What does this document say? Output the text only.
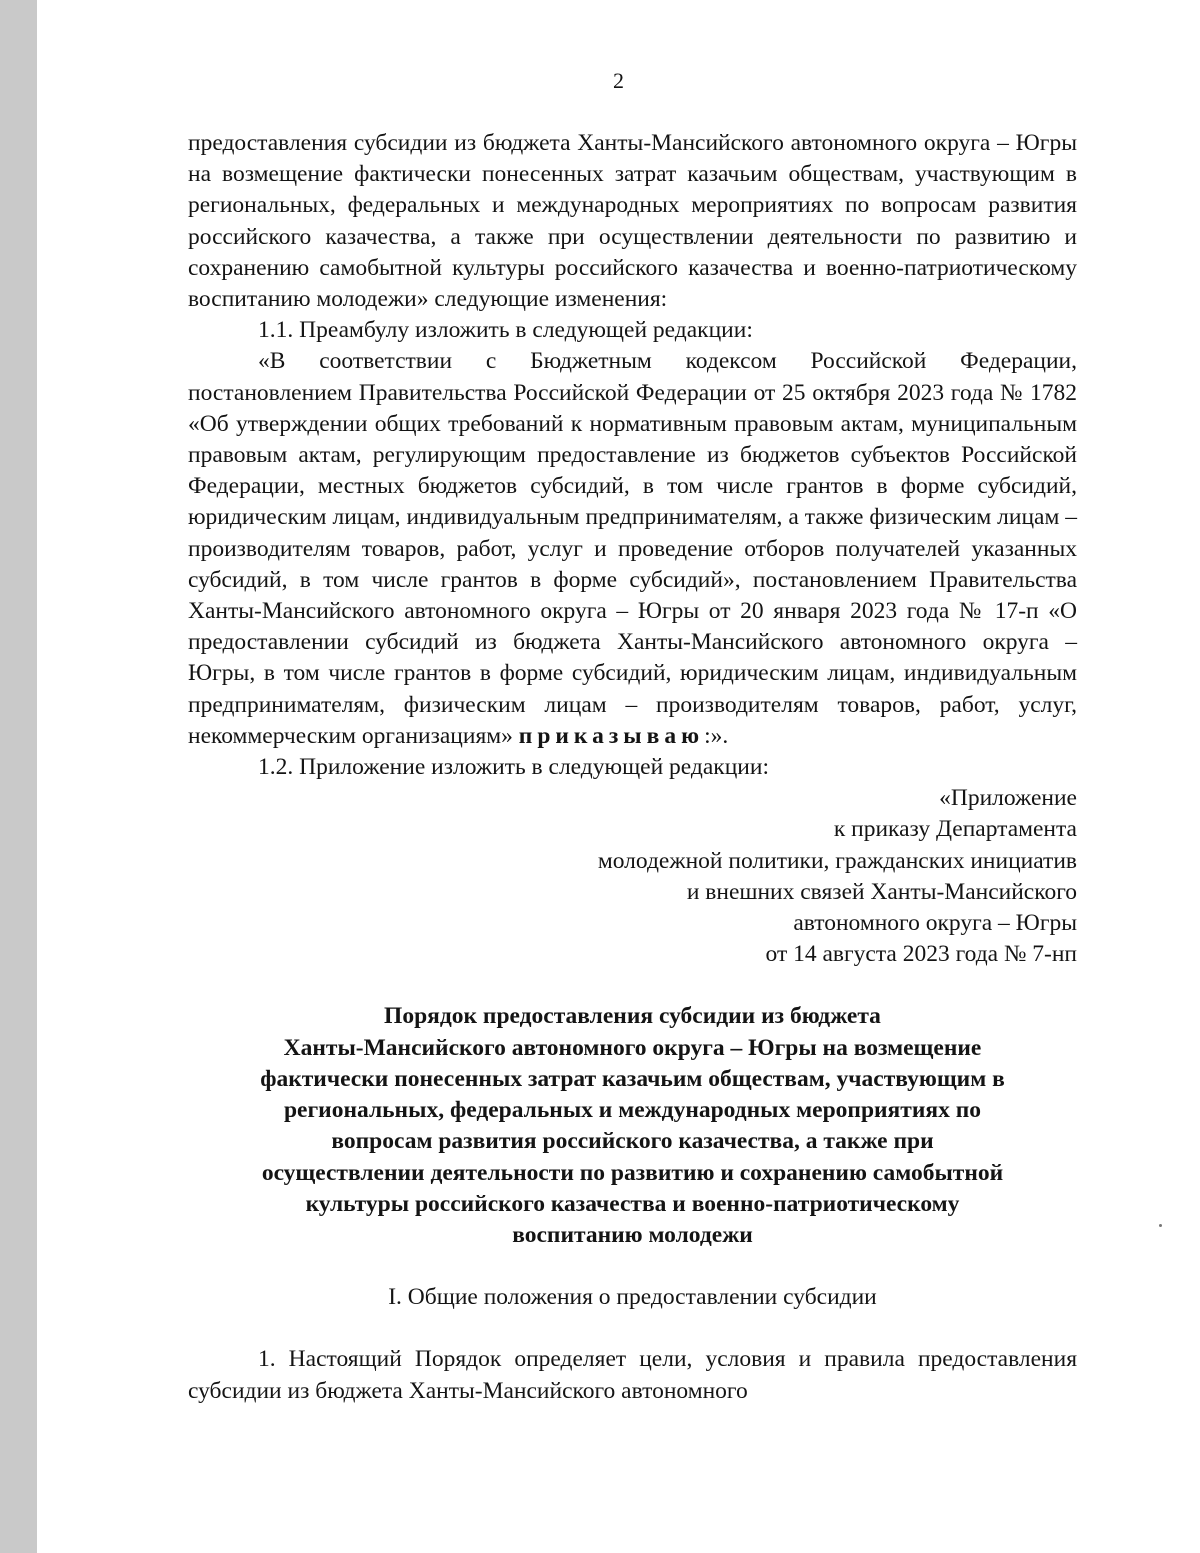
2

предоставления субсидии из бюджета Ханты-Мансийского автономного округа – Югры на возмещение фактически понесенных затрат казачьим обществам, участвующим в региональных, федеральных и международных мероприятиях по вопросам развития российского казачества, а также при осуществлении деятельности по развитию и сохранению самобытной культуры российского казачества и военно-патриотическому воспитанию молодежи» следующие изменения:

1.1. Преамбулу изложить в следующей редакции:

«В соответствии с Бюджетным кодексом Российской Федерации, постановлением Правительства Российской Федерации от 25 октября 2023 года № 1782 «Об утверждении общих требований к нормативным правовым актам, муниципальным правовым актам, регулирующим предоставление из бюджетов субъектов Российской Федерации, местных бюджетов субсидий, в том числе грантов в форме субсидий, юридическим лицам, индивидуальным предпринимателям, а также физическим лицам – производителям товаров, работ, услуг и проведение отборов получателей указанных субсидий, в том числе грантов в форме субсидий», постановлением Правительства Ханты-Мансийского автономного округа – Югры от 20 января 2023 года № 17-п «О предоставлении субсидий из бюджета Ханты-Мансийского автономного округа – Югры, в том числе грантов в форме субсидий, юридическим лицам, индивидуальным предпринимателям, физическим лицам – производителям товаров, работ, услуг, некоммерческим организациям» приказываю:».

1.2. Приложение изложить в следующей редакции:

«Приложение
к приказу Департамента
молодежной политики, гражданских инициатив
и внешних связей Ханты-Мансийского
автономного округа – Югры
от 14 августа 2023 года № 7-нп
Порядок предоставления субсидии из бюджета
Ханты-Мансийского автономного округа – Югры на возмещение
фактически понесенных затрат казачьим обществам, участвующим в
региональных, федеральных и международных мероприятиях по
вопросам развития российского казачества, а также при
осуществлении деятельности по развитию и сохранению самобытной
культуры российского казачества и военно-патриотическому
воспитанию молодежи

I. Общие положения о предоставлении субсидии

1. Настоящий Порядок определяет цели, условия и правила предоставления субсидии из бюджета Ханты-Мансийского автономного
